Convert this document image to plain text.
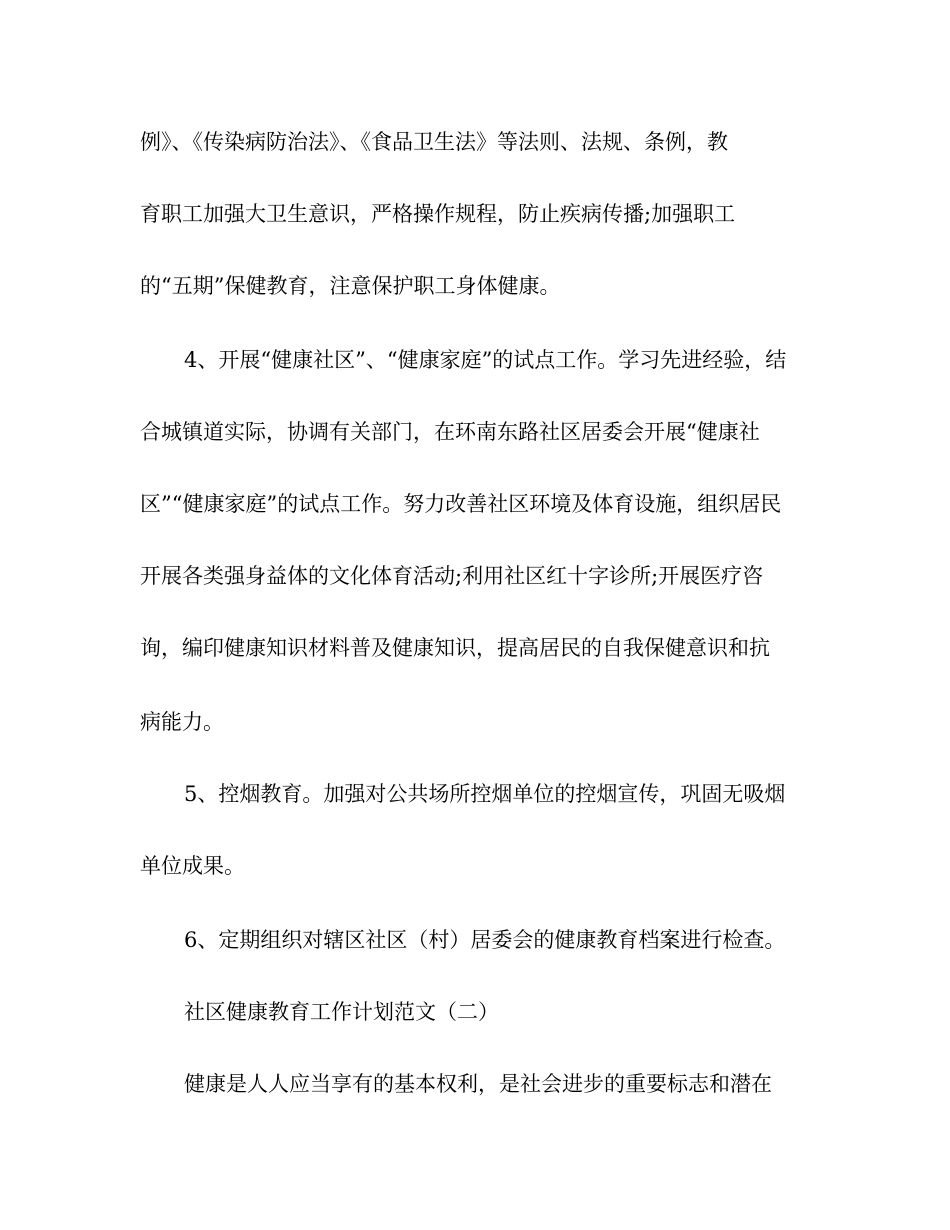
例》、《传染病防治法》、《食品卫生法》等法则、法规、条例，教
育职工加强大卫生意识，严格操作规程，防止疾病传播;加强职工
的“五期”保健教育，注意保护职工身体健康。
4、开展“健康社区”、“健康家庭”的试点工作。学习先进经验，结
合城镇道实际，协调有关部门，在环南东路社区居委会开展“健康社
区”“健康家庭”的试点工作。努力改善社区环境及体育设施，组织居民
开展各类强身益体的文化体育活动;利用社区红十字诊所;开展医疗咨
询，编印健康知识材料普及健康知识，提高居民的自我保健意识和抗
病能力。
5、控烟教育。加强对公共场所控烟单位的控烟宣传，巩固无吸烟
单位成果。
6、定期组织对辖区社区（村）居委会的健康教育档案进行检查。
社区健康教育工作计划范文（二）
健康是人人应当享有的基本权利，是社会进步的重要标志和潜在
